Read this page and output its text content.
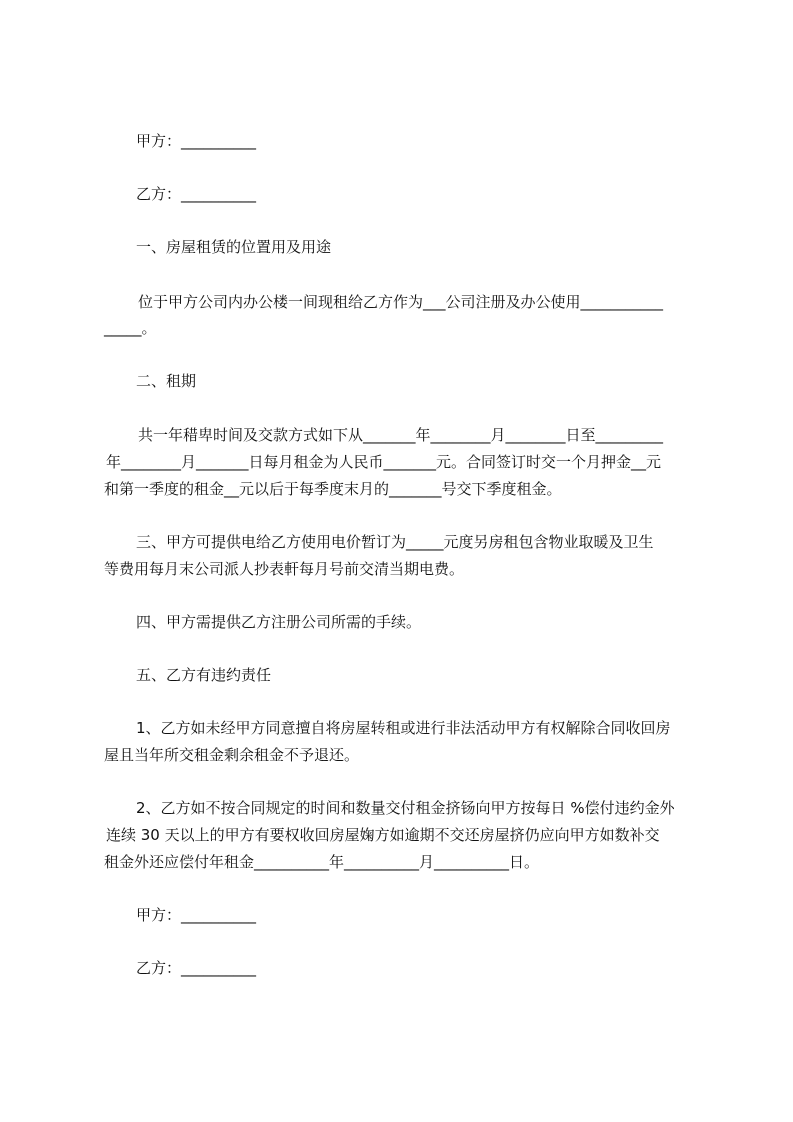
甲方：__________

乙方：__________

一、房屋租赁的位置用及用途

位于甲方公司内办公楼一间现租给乙方作为___公司注册及办公使用___________

_____。

二、租期

共一年稓卑时间及交款方式如下从_______年________月________日至_________

年________月_______日每月租金为人民币_______元。合同签订时交一个月押金__元

和第一季度的租金__元以后于每季度末月的_______号交下季度租金。

三、甲方可提供电给乙方使用电价暂订为_____元度另房租包含物业取暖及卫生

等费用每月末公司派人抄表軒每月号前交清当期电费。

四、甲方需提供乙方注册公司所需的手续。

五、乙方有违约责任

1、乙方如未经甲方同意擅自将房屋转租或进行非法活动甲方有权解除合同收回房

屋且当年所交租金剩余租金不予退还。

2、乙方如不按合同规定的时间和数量交付租金挤钖向甲方按每日 %偿付违约金外

连续 30 天以上的甲方有要权收回房屋婅方如逾期不交还房屋挤仍应向甲方如数补交

租金外还应偿付年租金__________年__________月__________日。

甲方：__________

乙方：__________
